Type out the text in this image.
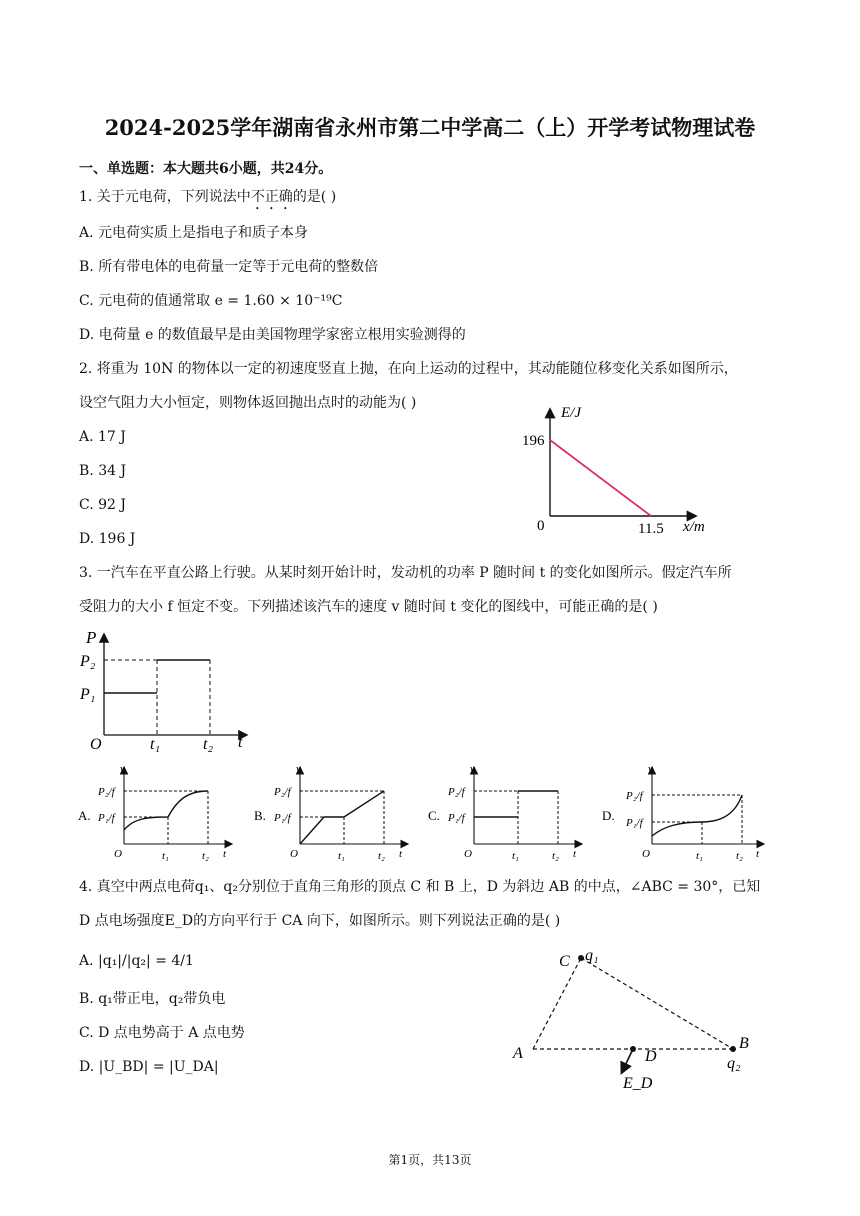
2024-2025学年湖南省永州市第二中学高二（上）开学考试物理试卷
一、单选题：本大题共6小题，共24分。
1. 关于元电荷，下列说法中不正确的是( )
A. 元电荷实质上是指电子和质子本身
B. 所有带电体的电荷量一定等于元电荷的整数倍
C. 元电荷的值通常取 e = 1.60 × 10⁻¹⁹C
D. 电荷量 e 的数值最早是由美国物理学家密立根用实验测得的
2. 将重为 10N 的物体以一定的初速度竖直上抛，在向上运动的过程中，其动能随位移变化关系如图所示，
设空气阻力大小恒定，则物体返回抛出点时的动能为( )
A. 17 J
B. 34 J
C. 92 J
D. 196 J
E/J
196
0	11.5 x/m
3. 一汽车在平直公路上行驶。从某时刻开始计时，发动机的功率 P 随时间 t 的变化如图所示。假定汽车所
受阻力的大小 f 恒定不变。下列描述该汽车的速度 v 随时间 t 变化的图线中，可能正确的是( )
P
P₂
P₁
O	t₁	t₂ t
A.
v
P₂/f
P₁/f
O	t₁	t₂ t
B.
v
P₂/f
P₁/f
O	t₁	t₂ t
C.
v
P₂/f
P₁/f
O	t₁	t₂ t
D.
v
P₂/f
P₁/f
O	t₁	t₂ t
4. 真空中两点电荷q₁、q₂分别位于直角三角形的顶点 C 和 B 上，D 为斜边 AB 的中点，∠ABC = 30°，已知
D 点电场强度E_D的方向平行于 CA 向下，如图所示。则下列说法正确的是( )
A. |q₁|/|q₂| = 4/1
B. q₁带正电，q₂带负电
C. D 点电势高于 A 点电势
D. |U_BD| = |U_DA|
C q₁
B
q₂
A	D
E_D
第1页，共13页
